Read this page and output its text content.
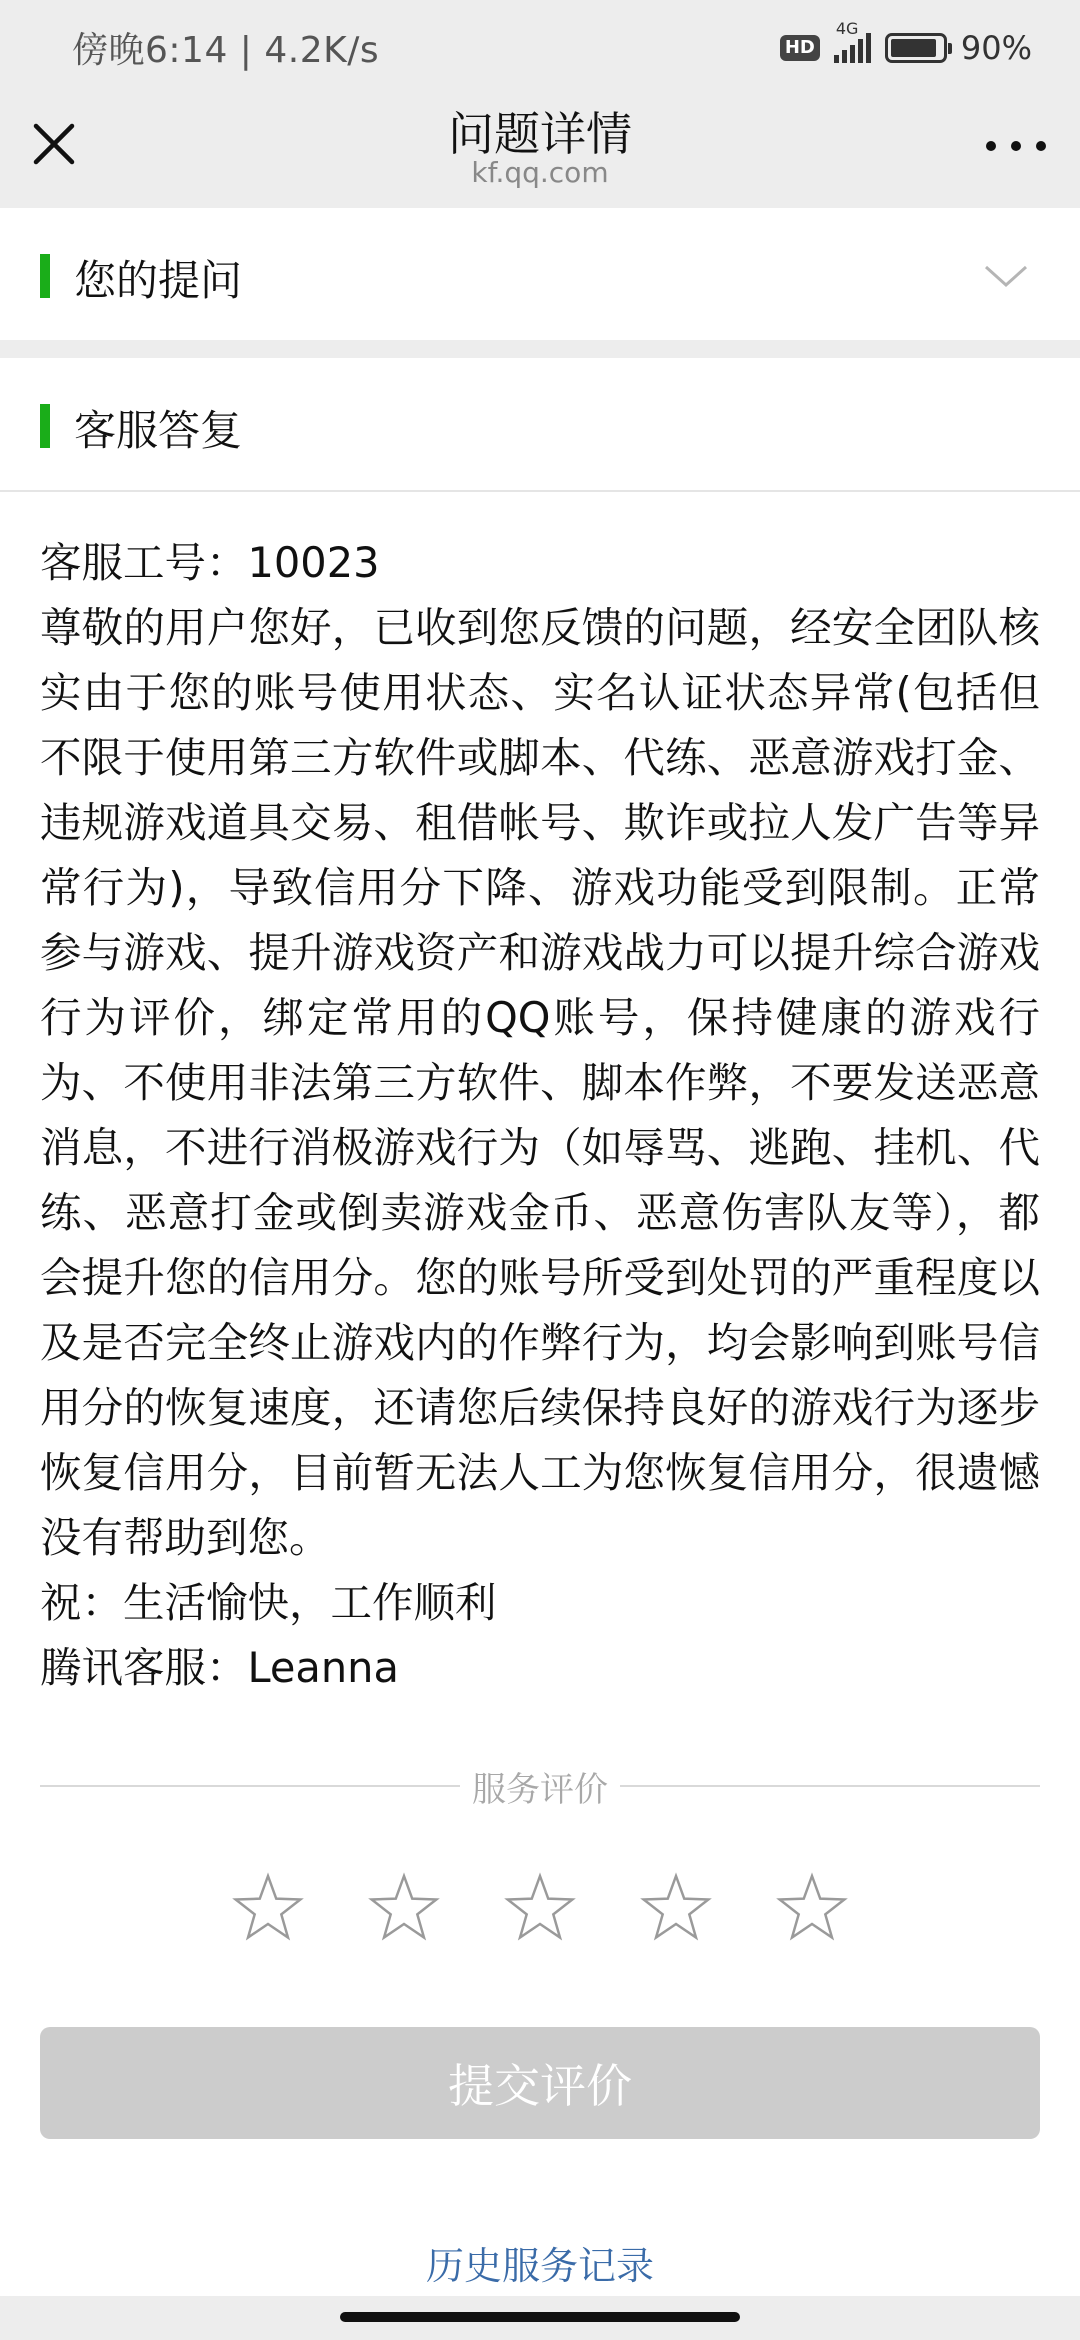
傍晚6:14 | 4.2K/s	HD
4G
90%
问题详情
kf.qq.com
您的提问
客服答复

客服工号：10023

尊敬的用户您好，已收到您反馈的问题，经安全团队核实由于您的账号使用状态、实名认证状态异常(包括但不限于使用第三方软件或脚本、代练、恶意游戏打金、违规游戏道具交易、租借帐号、欺诈或拉人发广告等异常行为)，导致信用分下降、游戏功能受到限制。正常参与游戏、提升游戏资产和游戏战力可以提升综合游戏行为评价，绑定常用的QQ账号，保持健康的游戏行为、不使用非法第三方软件、脚本作弊，不要发送恶意消息，不进行消极游戏行为（如辱骂、逃跑、挂机、代练、恶意打金或倒卖游戏金币、恶意伤害队友等），都会提升您的信用分。您的账号所受到处罚的严重程度以及是否完全终止游戏内的作弊行为，均会影响到账号信用分的恢复速度，还请您后续保持良好的游戏行为逐步恢复信用分，目前暂无法人工为您恢复信用分，很遗憾没有帮助到您。

祝：生活愉快，工作顺利

腾讯客服：Leanna

服务评价
提交评价
历史服务记录
